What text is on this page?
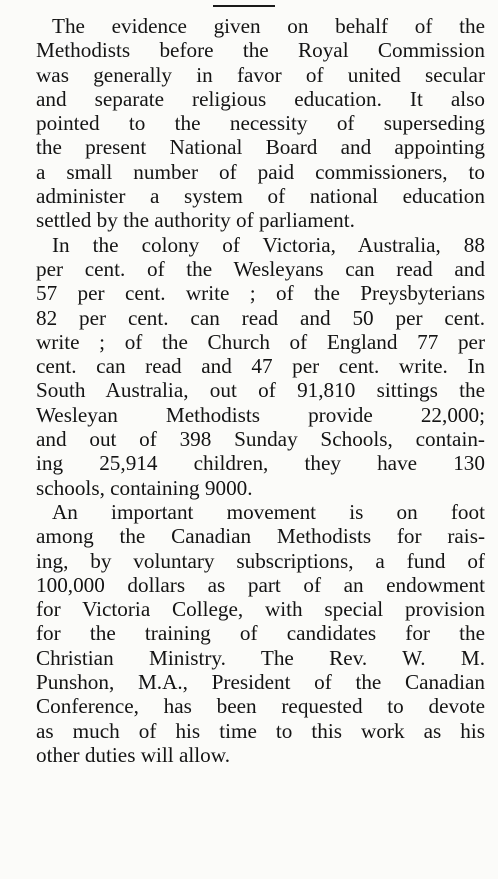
The evidence given on behalf of the
Methodists before the Royal Commission
was generally in favor of united secular
and separate religious education. It also
pointed to the necessity of superseding
the present National Board and appointing
a small number of paid commissioners, to
administer a system of national education
settled by the authority of parliament.

In the colony of Victoria, Australia, 88
per cent. of the Wesleyans can read and
57 per cent. write ; of the Preysbyterians
82 per cent. can read and 50 per cent.
write ; of the Church of England 77 per
cent. can read and 47 per cent. write. In
South Australia, out of 91,810 sittings the
Wesleyan Methodists provide 22,000;
and out of 398 Sunday Schools, contain-
ing 25,914 children, they have 130
schools, containing 9000.

An important movement is on foot
among the Canadian Methodists for rais-
ing, by voluntary subscriptions, a fund of
100,000 dollars as part of an endowment
for Victoria College, with special provision
for the training of candidates for the
Christian Ministry. The Rev. W. M.
Punshon, M.A., President of the Canadian
Conference, has been requested to devote
as much of his time to this work as his
other duties will allow.
